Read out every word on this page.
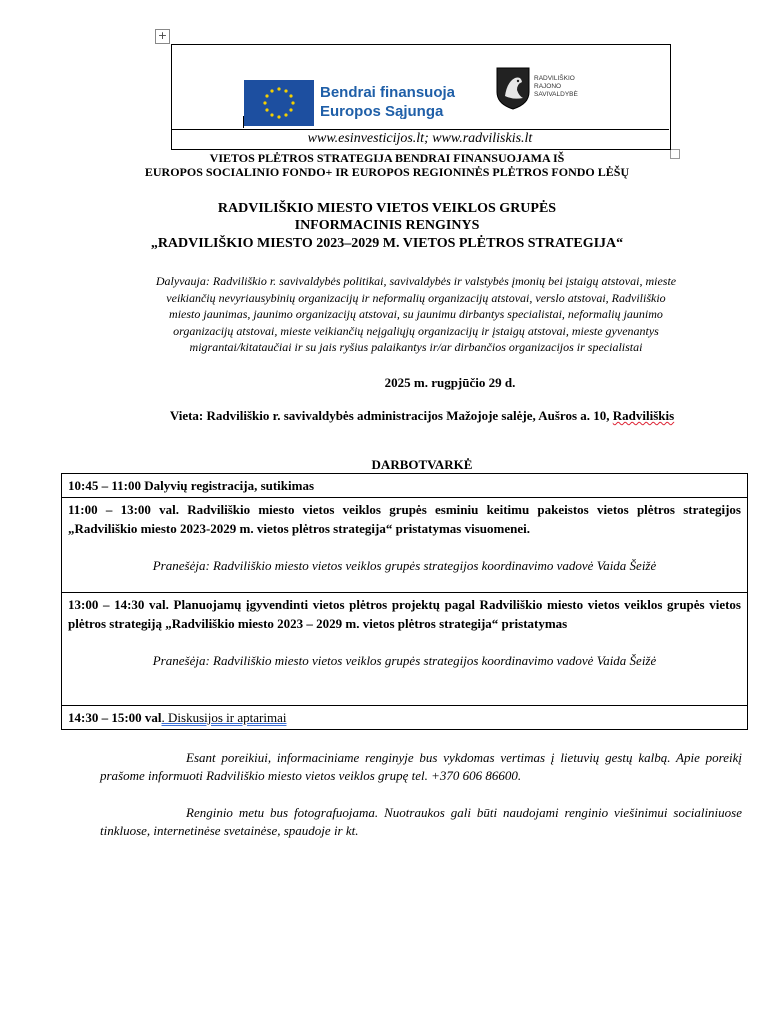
+
Bendrai finansuoja
Europos Sąjunga
RADVILIŠKIO
RAJONO
SAVIVALDYBĖ
www.esinvesticijos.lt; www.radviliskis.lt
VIETOS PLĖTROS STRATEGIJA BENDRAI FINANSUOJAMA IŠ
EUROPOS SOCIALINIO FONDO+ IR EUROPOS REGIONINĖS PLĖTROS FONDO LĖŠŲ
RADVILIŠKIO MIESTO VIETOS VEIKLOS GRUPĖS
INFORMACINIS RENGINYS
„RADVILIŠKIO MIESTO 2023–2029 M. VIETOS PLĖTROS STRATEGIJA“
Dalyvauja: Radviliškio r. savivaldybės politikai, savivaldybės ir valstybės įmonių bei įstaigų atstovai, mieste
veikiančių nevyriausybinių organizacijų ir neformalių organizacijų atstovai, verslo atstovai, Radviliškio
miesto jaunimas, jaunimo organizacijų atstovai, su jaunimu dirbantys specialistai, neformalių jaunimo
organizacijų atstovai, mieste veikiančių neįgaliųjų organizacijų ir įstaigų atstovai, mieste gyvenantys
migrantai/kitataučiai ir su jais ryšius palaikantys ir/ar dirbančios organizacijos ir specialistai
2025 m. rugpjūčio 29 d.
Vieta: Radviliškio r. savivaldybės administracijos Mažojoje salėje, Aušros a. 10, Radviliškis
DARBOTVARKĖ
10:45 – 11:00 Dalyvių registracija, sutikimas
11:00 – 13:00 val. Radviliškio miesto vietos veiklos grupės esminiu keitimu pakeistos vietos plėtros strategijos „Radviliškio miesto 2023-2029 m. vietos plėtros strategija“ pristatymas visuomenei.
Pranešėja: Radviliškio miesto vietos veiklos grupės strategijos koordinavimo vadovė Vaida Šeižė

13:00 – 14:30 val. Planuojamų įgyvendinti vietos plėtros projektų pagal Radviliškio miesto vietos veiklos grupės vietos plėtros strategiją „Radviliškio miesto 2023 – 2029 m. vietos plėtros strategija“ pristatymas
Pranešėja: Radviliškio miesto vietos veiklos grupės strategijos koordinavimo vadovė Vaida Šeižė

14:30 – 15:00 val. Diskusijos ir aptarimai
Esant poreikiui, informaciniame renginyje bus vykdomas vertimas į lietuvių gestų kalbą. Apie poreikį prašome informuoti Radviliškio miesto vietos veiklos grupę tel. +370 606 86600.
Renginio metu bus fotografuojama. Nuotraukos gali būti naudojami renginio viešinimui socialiniuose tinkluose, internetinėse svetainėse, spaudoje ir kt.
